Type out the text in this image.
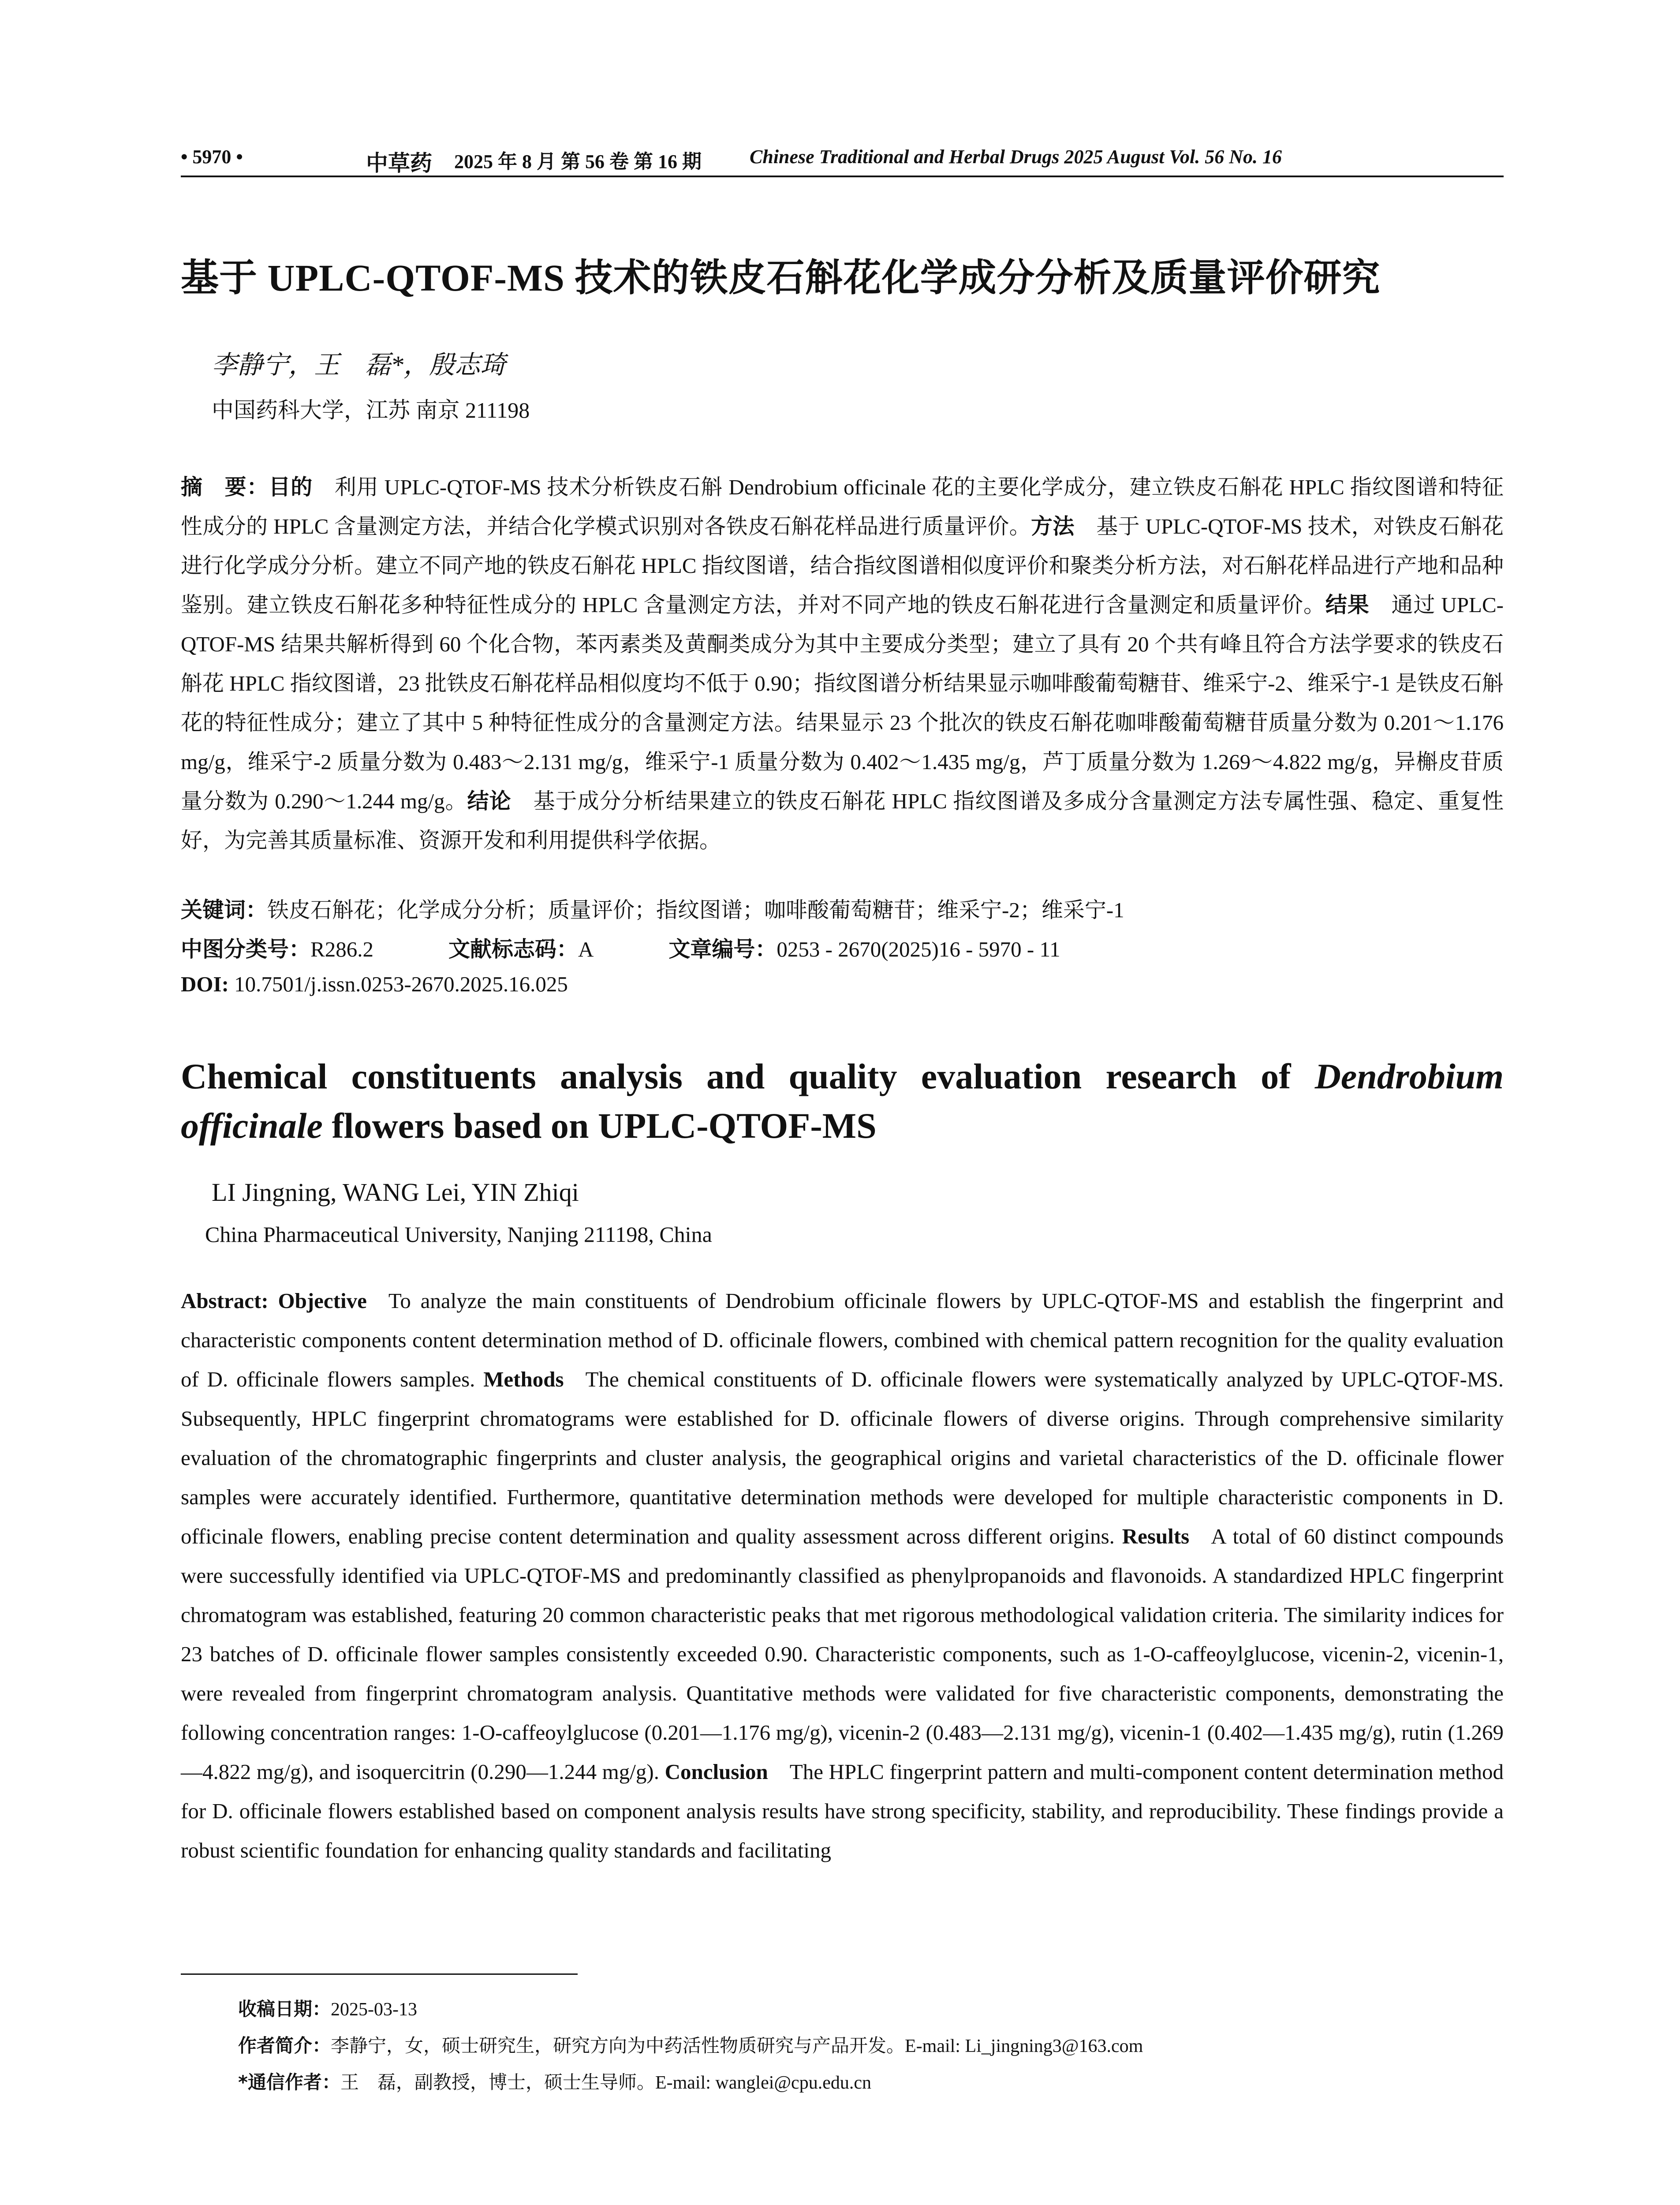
• 5970 •	中草药 2025 年 8 月 第 56 卷 第 16 期 Chinese Traditional and Herbal Drugs 2025 August Vol. 56 No. 16
基于 UPLC-QTOF-MS 技术的铁皮石斛花化学成分分析及质量评价研究
李静宁，王　磊*，殷志琦
中国药科大学，江苏 南京 211198
摘　要：目的　 利用 UPLC-QTOF-MS 技术分析铁皮石斛 Dendrobium officinale 花的主要化学成分，建立铁皮石斛花 HPLC 指纹图谱和特征性成分的 HPLC 含量测定方法，并结合化学模式识别对各铁皮石斛花样品进行质量评价。方法　 基于 UPLC-QTOF-MS 技术，对铁皮石斛花进行化学成分分析。建立不同产地的铁皮石斛花 HPLC 指纹图谱，结合指纹图谱相似度评价和聚类分析方法，对石斛花样品进行产地和品种鉴别。建立铁皮石斛花多种特征性成分的 HPLC 含量测定方法，并对不同产地的铁皮石斛花进行含量测定和质量评价。结果　 通过 UPLC-QTOF-MS 结果共解析得到 60 个化合物，苯丙素类及黄酮类成分为其中主要成分类型；建立了具有 20 个共有峰且符合方法学要求的铁皮石斛花 HPLC 指纹图谱，23 批铁皮石斛花样品相似度均不低于 0.90；指纹图谱分析结果显示咖啡酸葡萄糖苷、维采宁-2、维采宁-1 是铁皮石斛花的特征性成分；建立了其中 5 种特征性成分的含量测定方法。结果显示 23 个批次的铁皮石斛花咖啡酸葡萄糖苷质量分数为 0.201～1.176 mg/g，维采宁-2 质量分数为 0.483～2.131 mg/g，维采宁-1 质量分数为 0.402～1.435 mg/g，芦丁质量分数为 1.269～4.822 mg/g，异槲皮苷质量分数为 0.290～1.244 mg/g。结论　 基于成分分析结果建立的铁皮石斛花 HPLC 指纹图谱及多成分含量测定方法专属性强、稳定、重复性好，为完善其质量标准、资源开发和利用提供科学依据。
关键词：铁皮石斛花；化学成分分析；质量评价；指纹图谱；咖啡酸葡萄糖苷；维采宁-2；维采宁-1
中图分类号：R286.2	文献标志码：A	文章编号：0253 - 2670(2025)16 - 5970 - 11
DOI: 10.7501/j.issn.0253-2670.2025.16.025
Chemical constituents analysis and quality evaluation research of Dendrobium officinale flowers based on UPLC-QTOF-MS
LI Jingning, WANG Lei, YIN Zhiqi
China Pharmaceutical University, Nanjing 211198, China
Abstract: Objective  To analyze the main constituents of Dendrobium officinale flowers by UPLC-QTOF-MS and establish the fingerprint and characteristic components content determination method of D. officinale flowers, combined with chemical pattern recognition for the quality evaluation of D. officinale flowers samples. Methods  The chemical constituents of D. officinale flowers were systematically analyzed by UPLC-QTOF-MS. Subsequently, HPLC fingerprint chromatograms were established for D. officinale flowers of diverse origins. Through comprehensive similarity evaluation of the chromatographic fingerprints and cluster analysis, the geographical origins and varietal characteristics of the D. officinale flower samples were accurately identified. Furthermore, quantitative determination methods were developed for multiple characteristic components in D. officinale flowers, enabling precise content determination and quality assessment across different origins. Results  A total of 60 distinct compounds were successfully identified via UPLC-QTOF-MS and predominantly classified as phenylpropanoids and flavonoids. A standardized HPLC fingerprint chromatogram was established, featuring 20 common characteristic peaks that met rigorous methodological validation criteria. The similarity indices for 23 batches of D. officinale flower samples consistently exceeded 0.90. Characteristic components, such as 1-O-caffeoylglucose, vicenin-2, vicenin-1, were revealed from fingerprint chromatogram analysis. Quantitative methods were validated for five characteristic components, demonstrating the following concentration ranges: 1-O-caffeoylglucose (0.201—1.176 mg/g), vicenin-2 (0.483—2.131 mg/g), vicenin-1 (0.402—1.435 mg/g), rutin (1.269—4.822 mg/g), and isoquercitrin (0.290—1.244 mg/g). Conclusion  The HPLC fingerprint pattern and multi-component content determination method for D. officinale flowers established based on component analysis results have strong specificity, stability, and reproducibility. These findings provide a robust scientific foundation for enhancing quality standards and facilitating
收稿日期：2025-03-13
作者简介：李静宁，女，硕士研究生，研究方向为中药活性物质研究与产品开发。E-mail: Li_jingning3@163.com
*通信作者：王　磊，副教授，博士，硕士生导师。E-mail: wanglei@cpu.edu.cn
